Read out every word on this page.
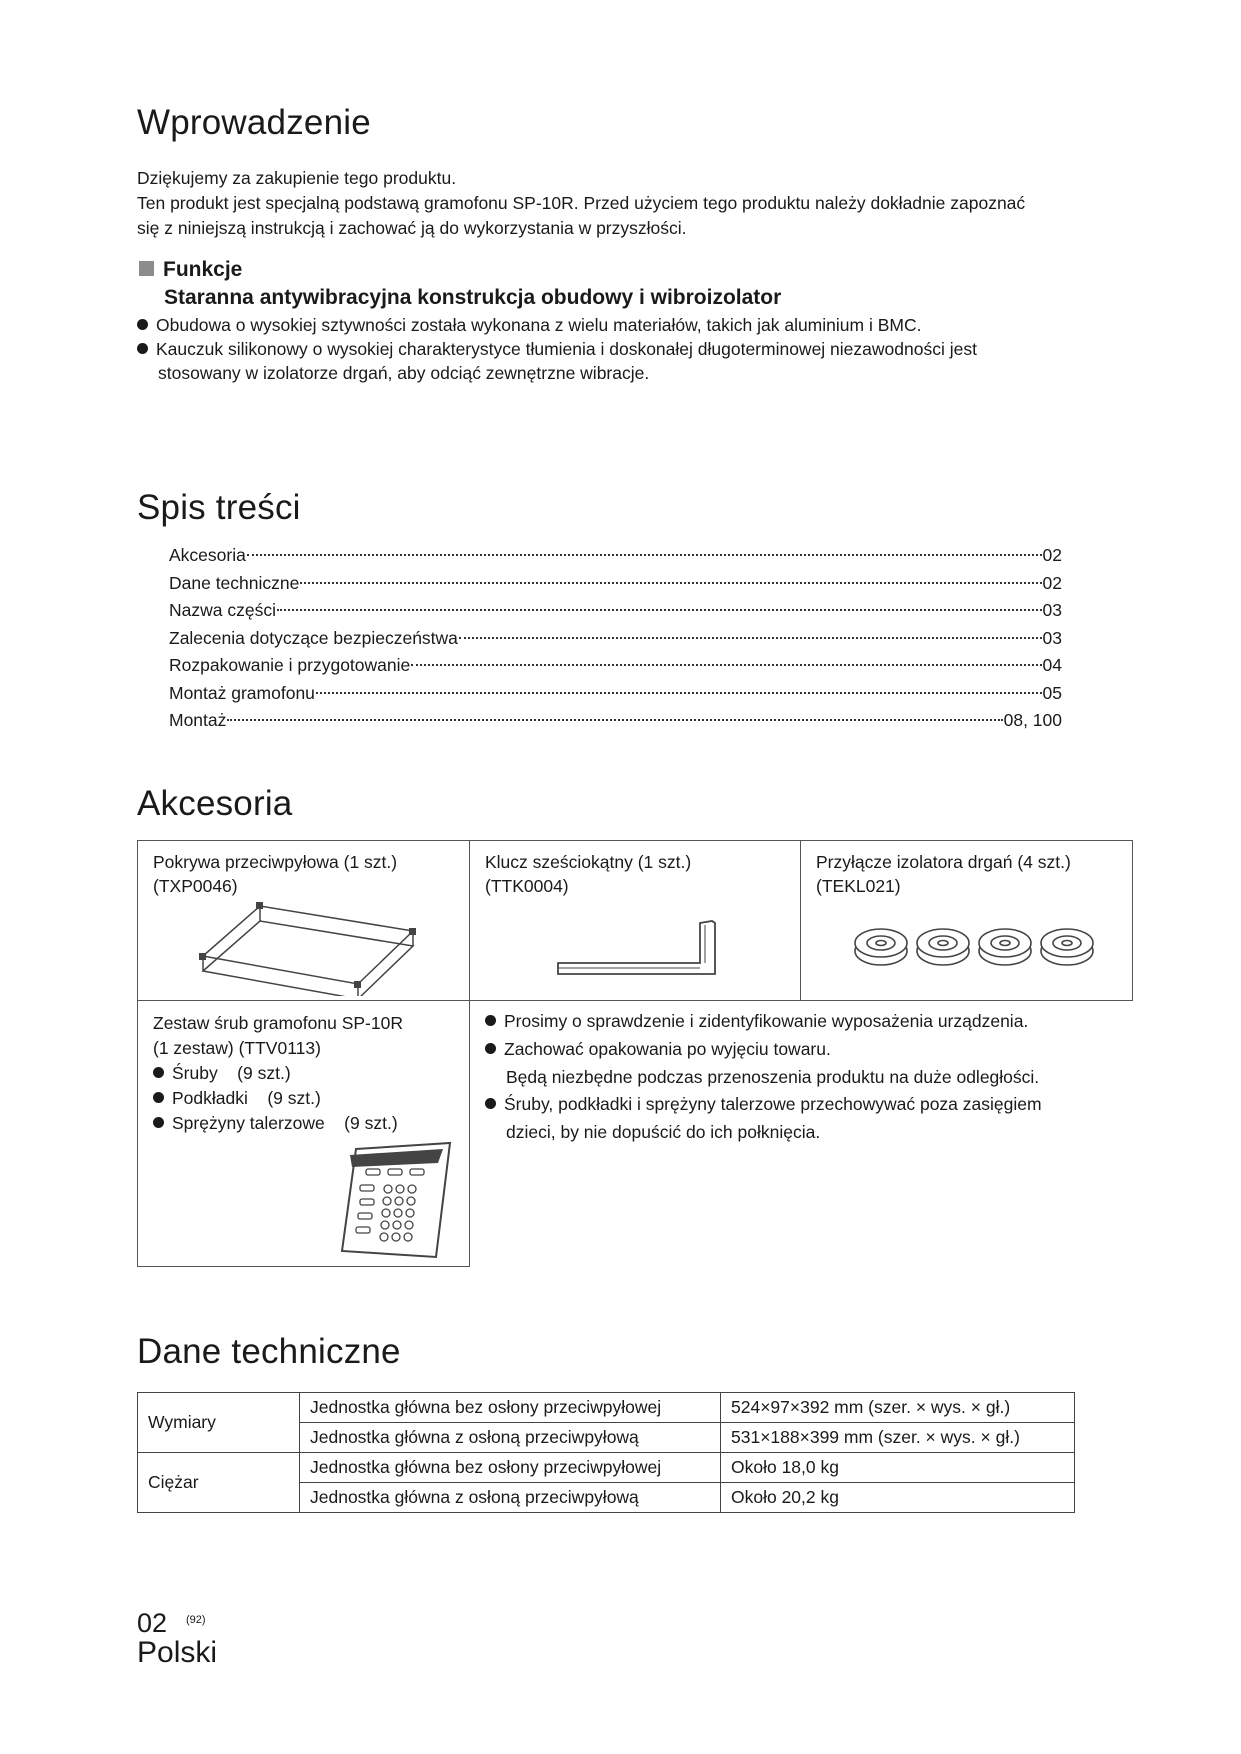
Wprowadzenie

Dziękujemy za zakupienie tego produktu.

Ten produkt jest specjalną podstawą gramofonu SP-10R. Przed użyciem tego produktu należy dokładnie zapoznać

się z niniejszą instrukcją i zachować ją do wykorzystania w przyszłości.

Funkcje
Staranna antywibracyjna konstrukcja obudowy i wibroizolator
Obudowa o wysokiej sztywności została wykonana z wielu materiałów, takich jak aluminium i BMC.
Kauczuk silikonowy o wysokiej charakterystyce tłumienia i doskonałej długoterminowej niezawodności jest
stosowany w izolatorze drgań, aby odciąć zewnętrzne wibracje.
Spis treści
Akcesoria	02
Dane techniczne	02
Nazwa części	03
Zalecenia dotyczące bezpieczeństwa	03
Rozpakowanie i przygotowanie	04
Montaż gramofonu	05
Montaż	08, 100
Akcesoria
Pokrywa przeciwpyłowa (1 szt.)
(TXP0046)
Klucz sześciokątny (1 szt.)
(TTK0004)
Przyłącze izolatora drgań (4 szt.)
(TEKL021)
Zestaw śrub gramofonu SP-10R
(1 zestaw) (TTV0113)
Śruby (9 szt.)
Podkładki (9 szt.)
Sprężyny talerzowe (9 szt.)
Prosimy o sprawdzenie i zidentyfikowanie wyposażenia urządzenia.
Zachować opakowania po wyjęciu towaru.
Będą niezbędne podczas przenoszenia produktu na duże odległości.
Śruby, podkładki i sprężyny talerzowe przechowywać poza zasięgiem
dzieci, by nie dopuścić do ich połknięcia.
Dane techniczne
Wymiary	Jednostka główna bez osłony przeciwpyłowej	524×97×392 mm (szer. × wys. × gł.)
	Jednostka główna z osłoną przeciwpyłową	531×188×399 mm (szer. × wys. × gł.)
Ciężar	Jednostka główna bez osłony przeciwpyłowej	Około 18,0 kg
	Jednostka główna z osłoną przeciwpyłową	Około 20,2 kg
02 (92)
Polski
